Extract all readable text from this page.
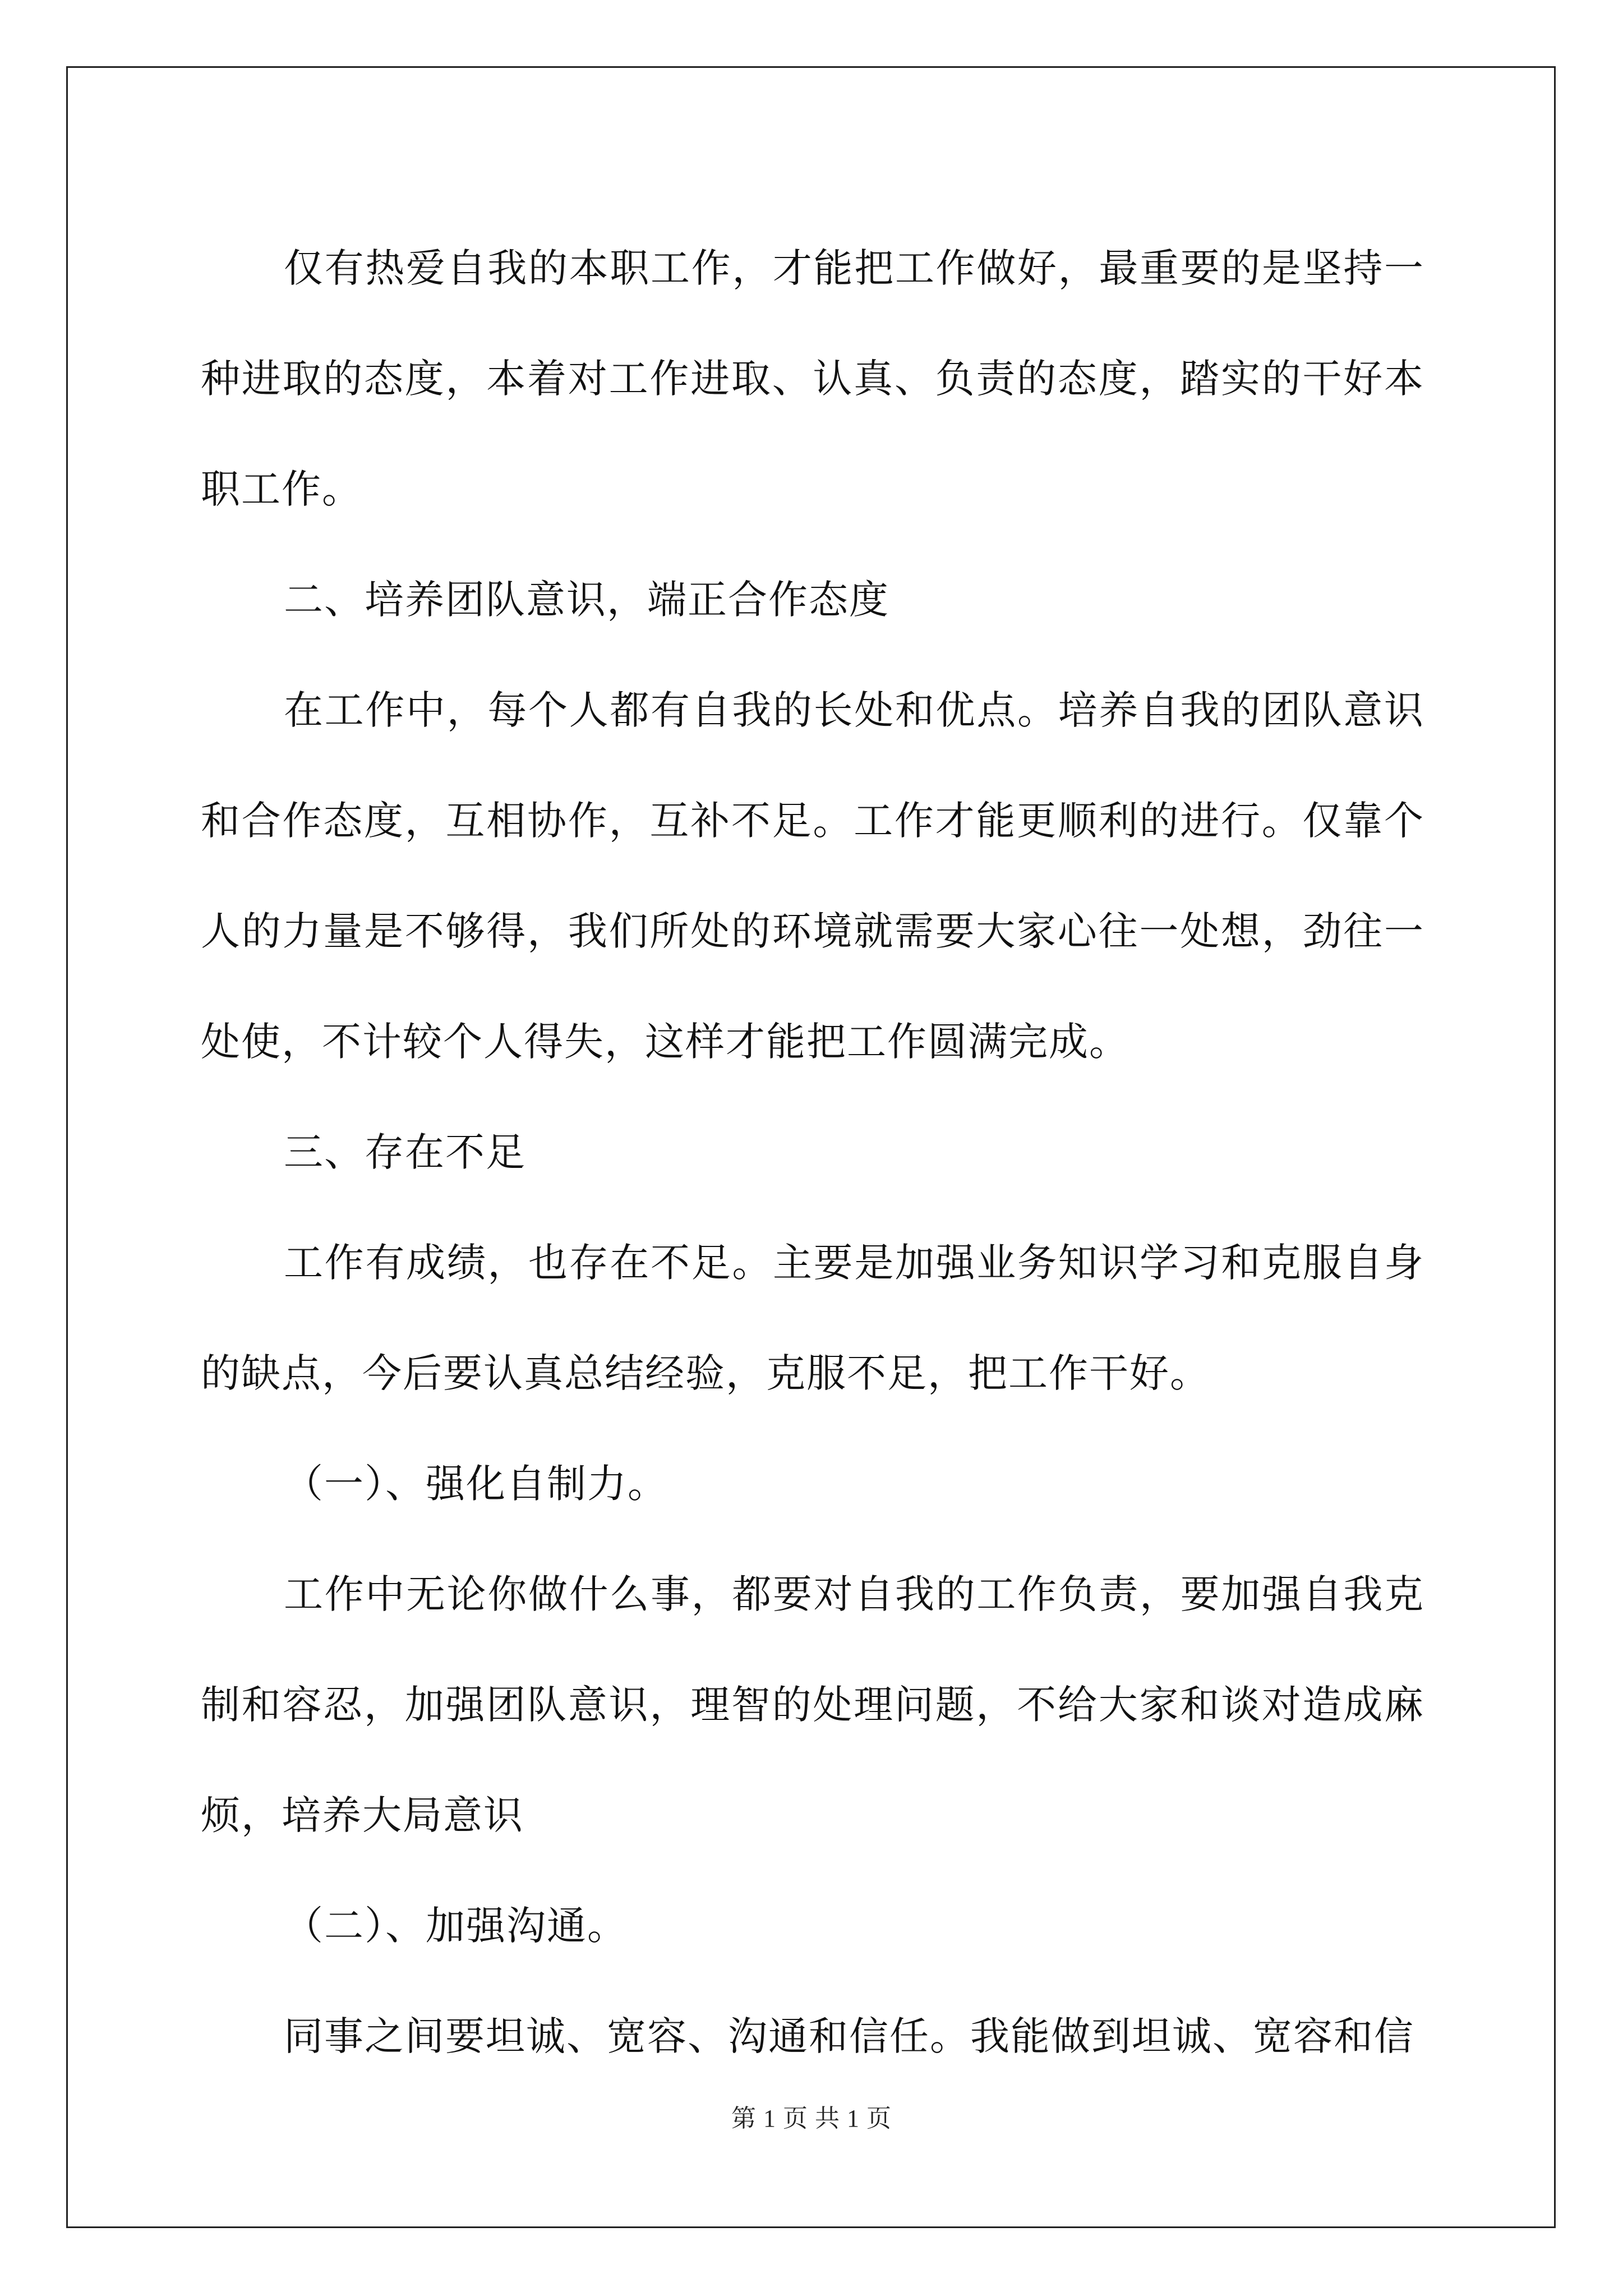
仅有热爱自我的本职工作，才能把工作做好，最重要的是坚持一种进取的态度，本着对工作进取、认真、负责的态度，踏实的干好本职工作。

二、培养团队意识，端正合作态度

在工作中，每个人都有自我的长处和优点。培养自我的团队意识和合作态度，互相协作，互补不足。工作才能更顺利的进行。仅靠个人的力量是不够得，我们所处的环境就需要大家心往一处想，劲往一处使，不计较个人得失，这样才能把工作圆满完成。

三、存在不足

工作有成绩，也存在不足。主要是加强业务知识学习和克服自身的缺点，今后要认真总结经验，克服不足，把工作干好。

（一）、强化自制力。

工作中无论你做什么事，都要对自我的工作负责，要加强自我克制和容忍，加强团队意识，理智的处理问题，不给大家和谈对造成麻烦，培养大局意识

（二）、加强沟通。

同事之间要坦诚、宽容、沟通和信任。我能做到坦诚、宽容和信

第 1 页 共 1 页
